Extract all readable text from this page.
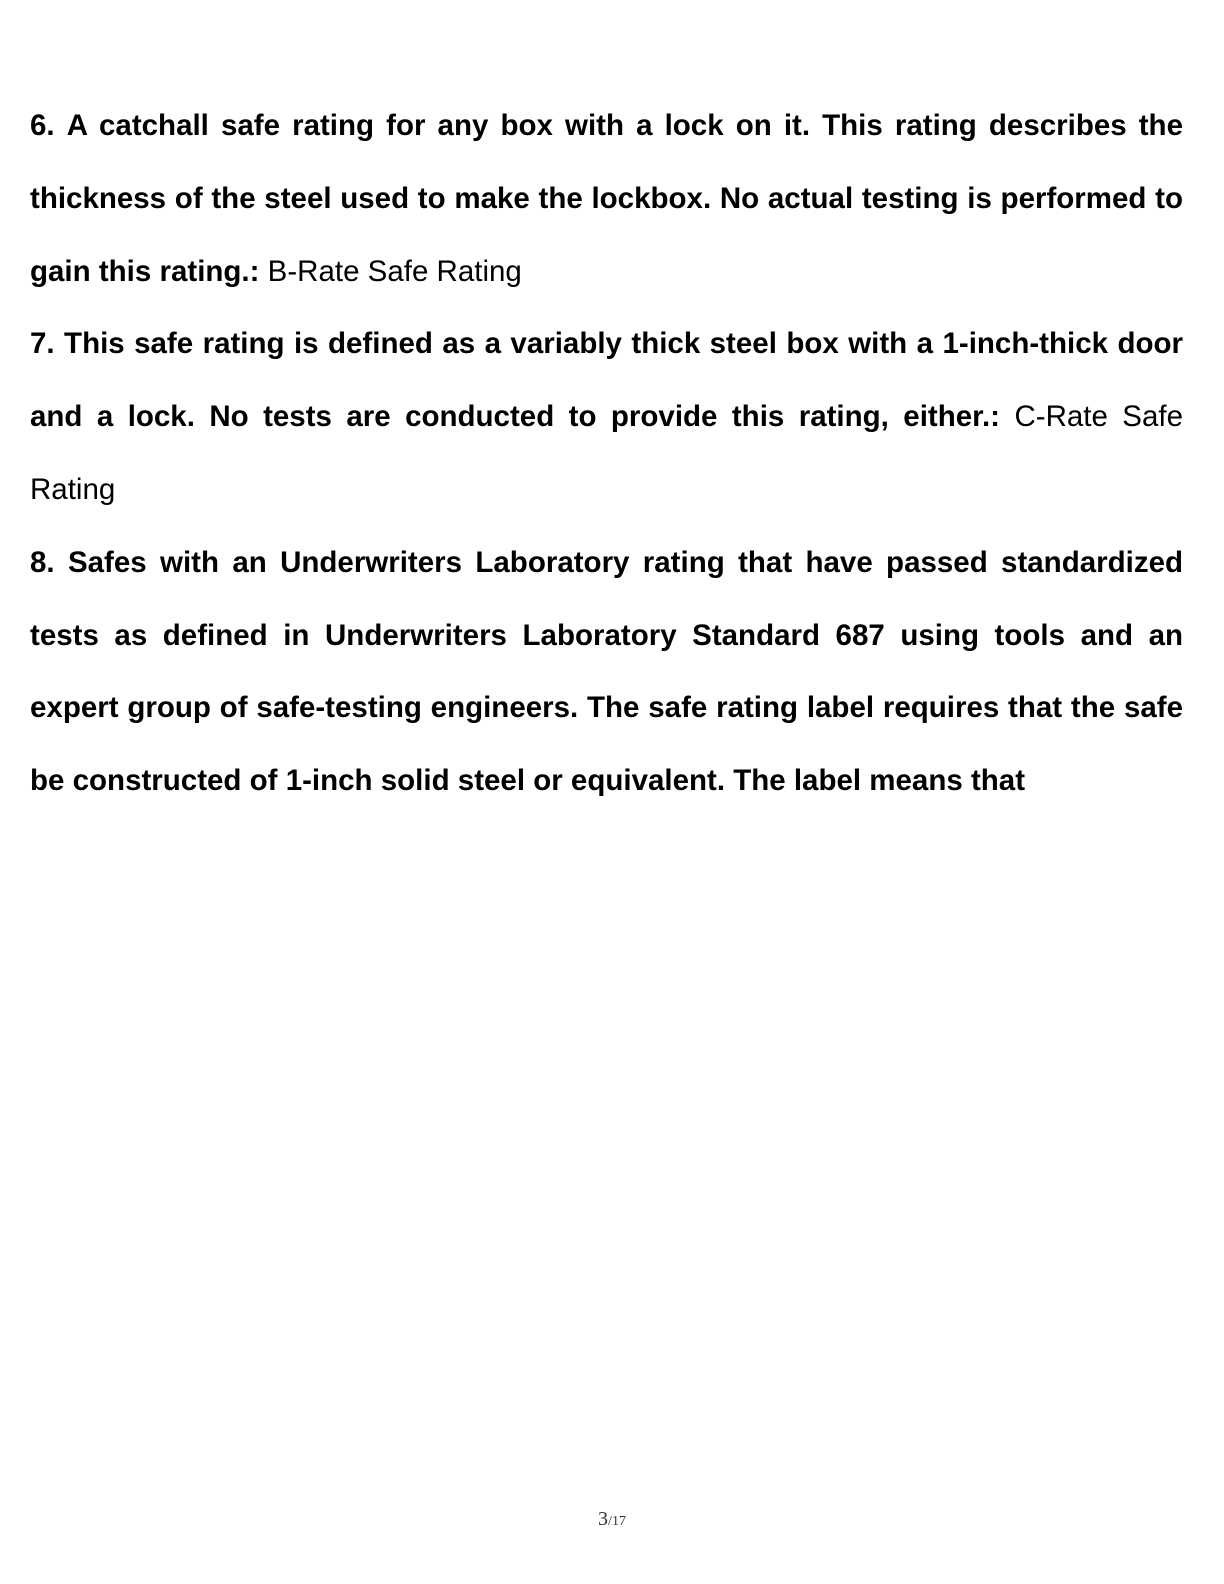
6. A catchall safe rating for any box with a lock on it. This rating describes the thickness of the steel used to make the lockbox. No actual testing is performed to gain this rating.: B-Rate Safe Rating

7. This safe rating is defined as a variably thick steel box with a 1-inch-thick door and a lock. No tests are conducted to provide this rating, either.: C-Rate Safe Rating

8. Safes with an Underwriters Laboratory rating that have passed standardized tests as defined in Underwriters Laboratory Standard 687 using tools and an expert group of safe-testing engineers. The safe rating label requires that the safe be constructed of 1-inch solid steel or equivalent. The label means that

3/17
